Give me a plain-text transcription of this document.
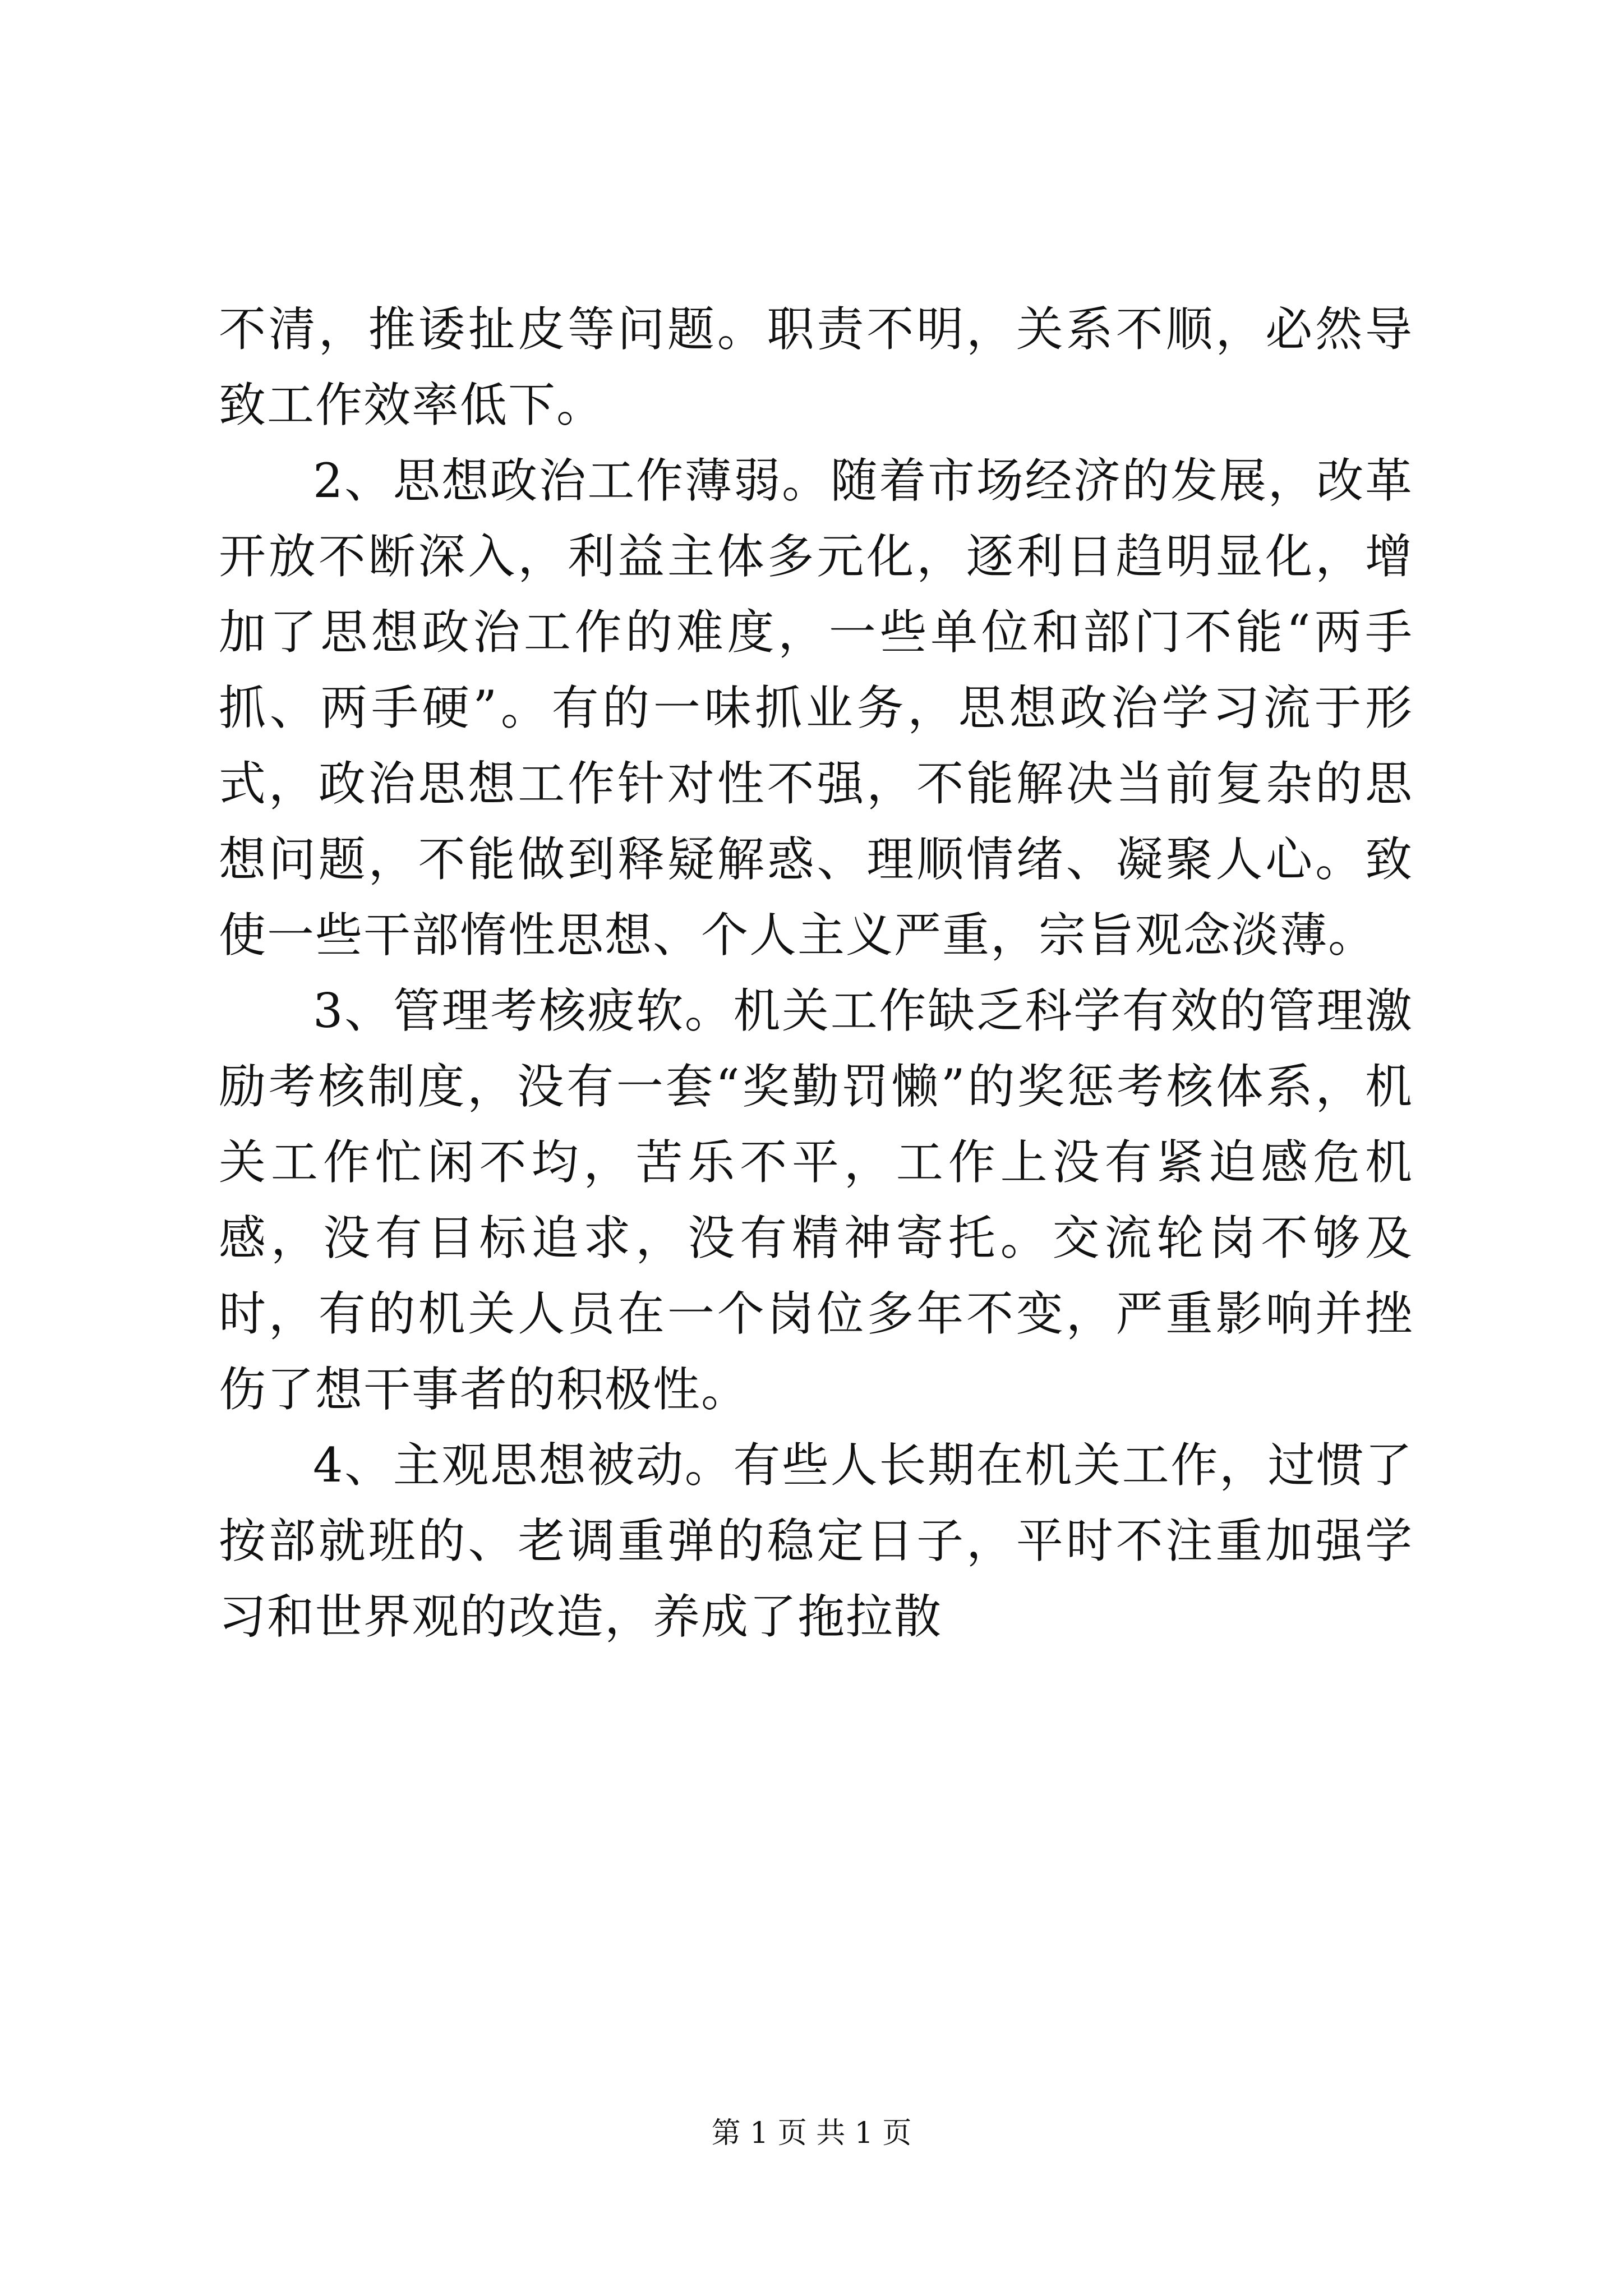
不清，推诿扯皮等问题。职责不明，关系不顺，必然导致工作效率低下。

2、思想政治工作薄弱。随着市场经济的发展，改革开放不断深入，利益主体多元化，逐利日趋明显化，增加了思想政治工作的难度，一些单位和部门不能“两手抓、两手硬”。有的一味抓业务，思想政治学习流于形式，政治思想工作针对性不强，不能解决当前复杂的思想问题，不能做到释疑解惑、理顺情绪、凝聚人心。致使一些干部惰性思想、个人主义严重，宗旨观念淡薄。

3、管理考核疲软。机关工作缺乏科学有效的管理激励考核制度，没有一套“奖勤罚懒”的奖惩考核体系，机关工作忙闲不均，苦乐不平，工作上没有紧迫感危机感，没有目标追求，没有精神寄托。交流轮岗不够及时，有的机关人员在一个岗位多年不变，严重影响并挫伤了想干事者的积极性。

4、主观思想被动。有些人长期在机关工作，过惯了按部就班的、老调重弹的稳定日子，平时不注重加强学习和世界观的改造，养成了拖拉散

第 1 页 共 1 页
